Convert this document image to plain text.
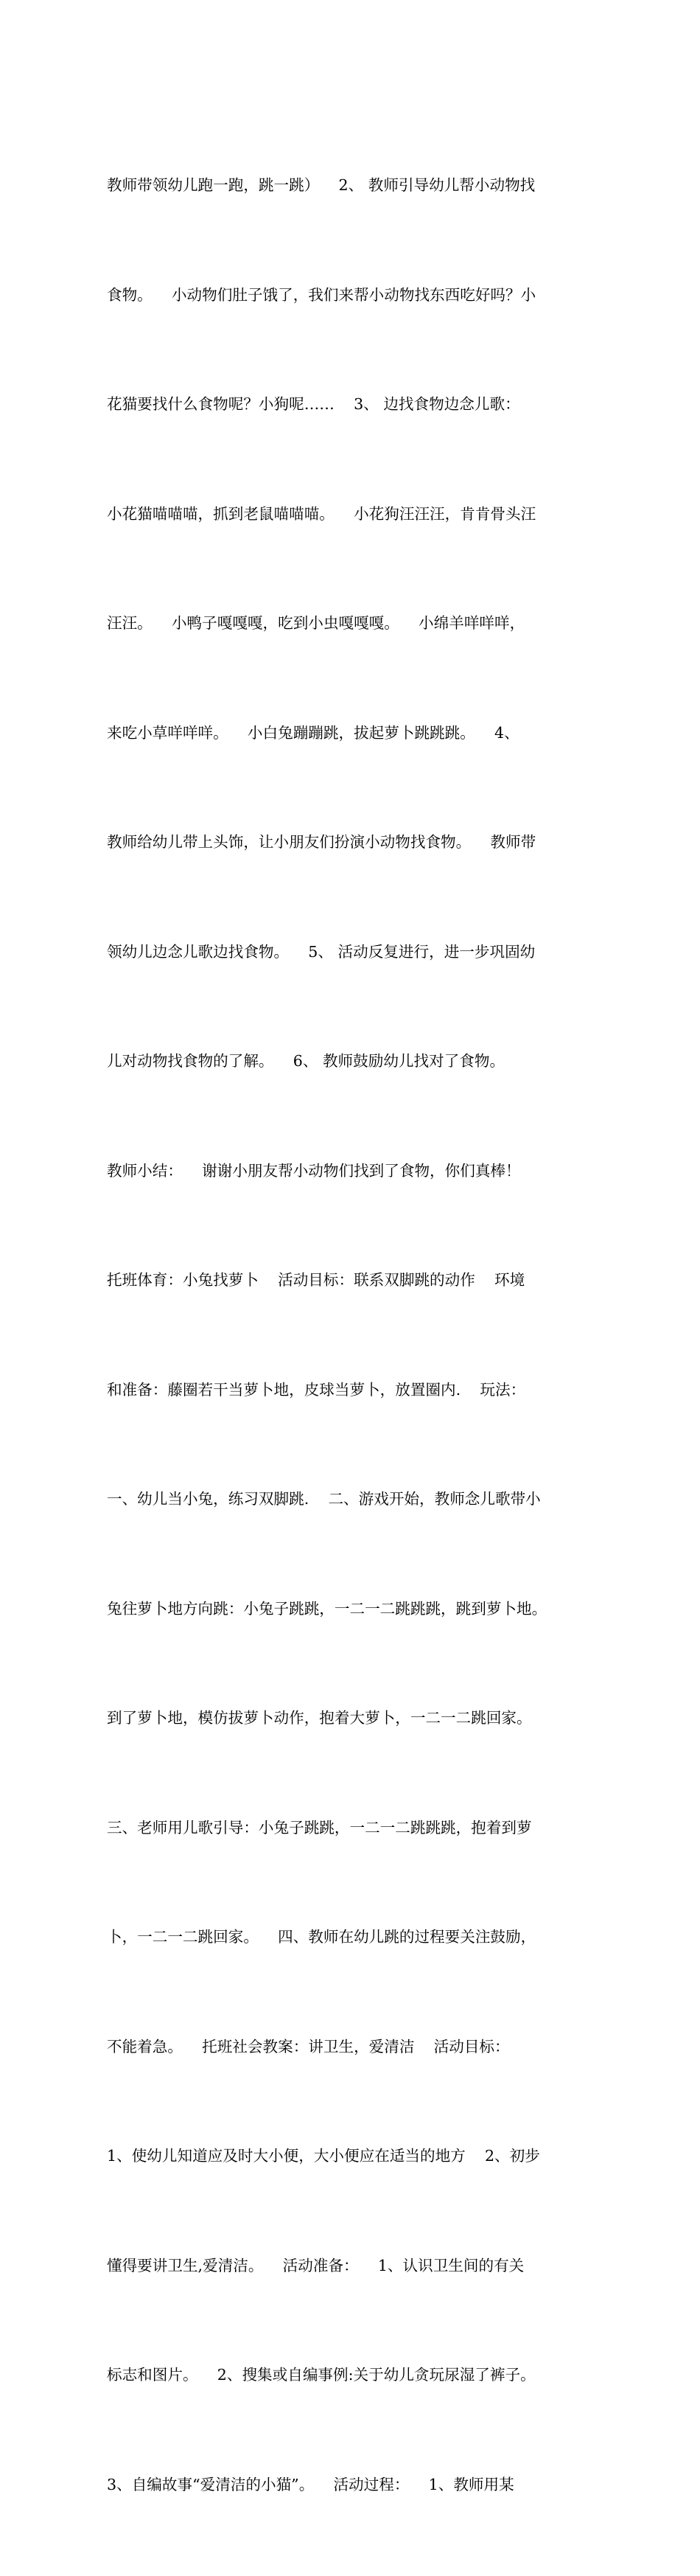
教师带领幼儿跑一跑，跳一跳）    2、 教师引导幼儿帮小动物找

食物。    小动物们肚子饿了，我们来帮小动物找东西吃好吗？小

花猫要找什么食物呢？小狗呢……    3、 边找食物边念儿歌：

小花猫喵喵喵，抓到老鼠喵喵喵。    小花狗汪汪汪，肯肯骨头汪

汪汪。    小鸭子嘎嘎嘎，吃到小虫嘎嘎嘎。    小绵羊咩咩咩，

来吃小草咩咩咩。    小白兔蹦蹦跳，拔起萝卜跳跳跳。    4、

教师给幼儿带上头饰，让小朋友们扮演小动物找食物。    教师带

领幼儿边念儿歌边找食物。    5、 活动反复进行，进一步巩固幼

儿对动物找食物的了解。    6、 教师鼓励幼儿找对了食物。

教师小结：    谢谢小朋友帮小动物们找到了食物，你们真棒！

托班体育：小兔找萝卜    活动目标：联系双脚跳的动作    环境

和准备：藤圈若干当萝卜地，皮球当萝卜，放置圈内.    玩法：

一、幼儿当小兔，练习双脚跳.    二、游戏开始，教师念儿歌带小

兔往萝卜地方向跳：小兔子跳跳，一二一二跳跳跳，跳到萝卜地。

到了萝卜地，模仿拔萝卜动作，抱着大萝卜，一二一二跳回家。

三、老师用儿歌引导：小兔子跳跳，一二一二跳跳跳，抱着到萝

卜，一二一二跳回家。    四、教师在幼儿跳的过程要关注鼓励，

不能着急。    托班社会教案：讲卫生，爱清洁    活动目标：

1、使幼儿知道应及时大小便，大小便应在适当的地方    2、初步

懂得要讲卫生,爱清洁。    活动准备：    1、认识卫生间的有关

标志和图片。    2、搜集或自编事例:关于幼儿贪玩尿湿了裤子。

3、自编故事“爱清洁的小猫”。    活动过程：    1、教师用某
